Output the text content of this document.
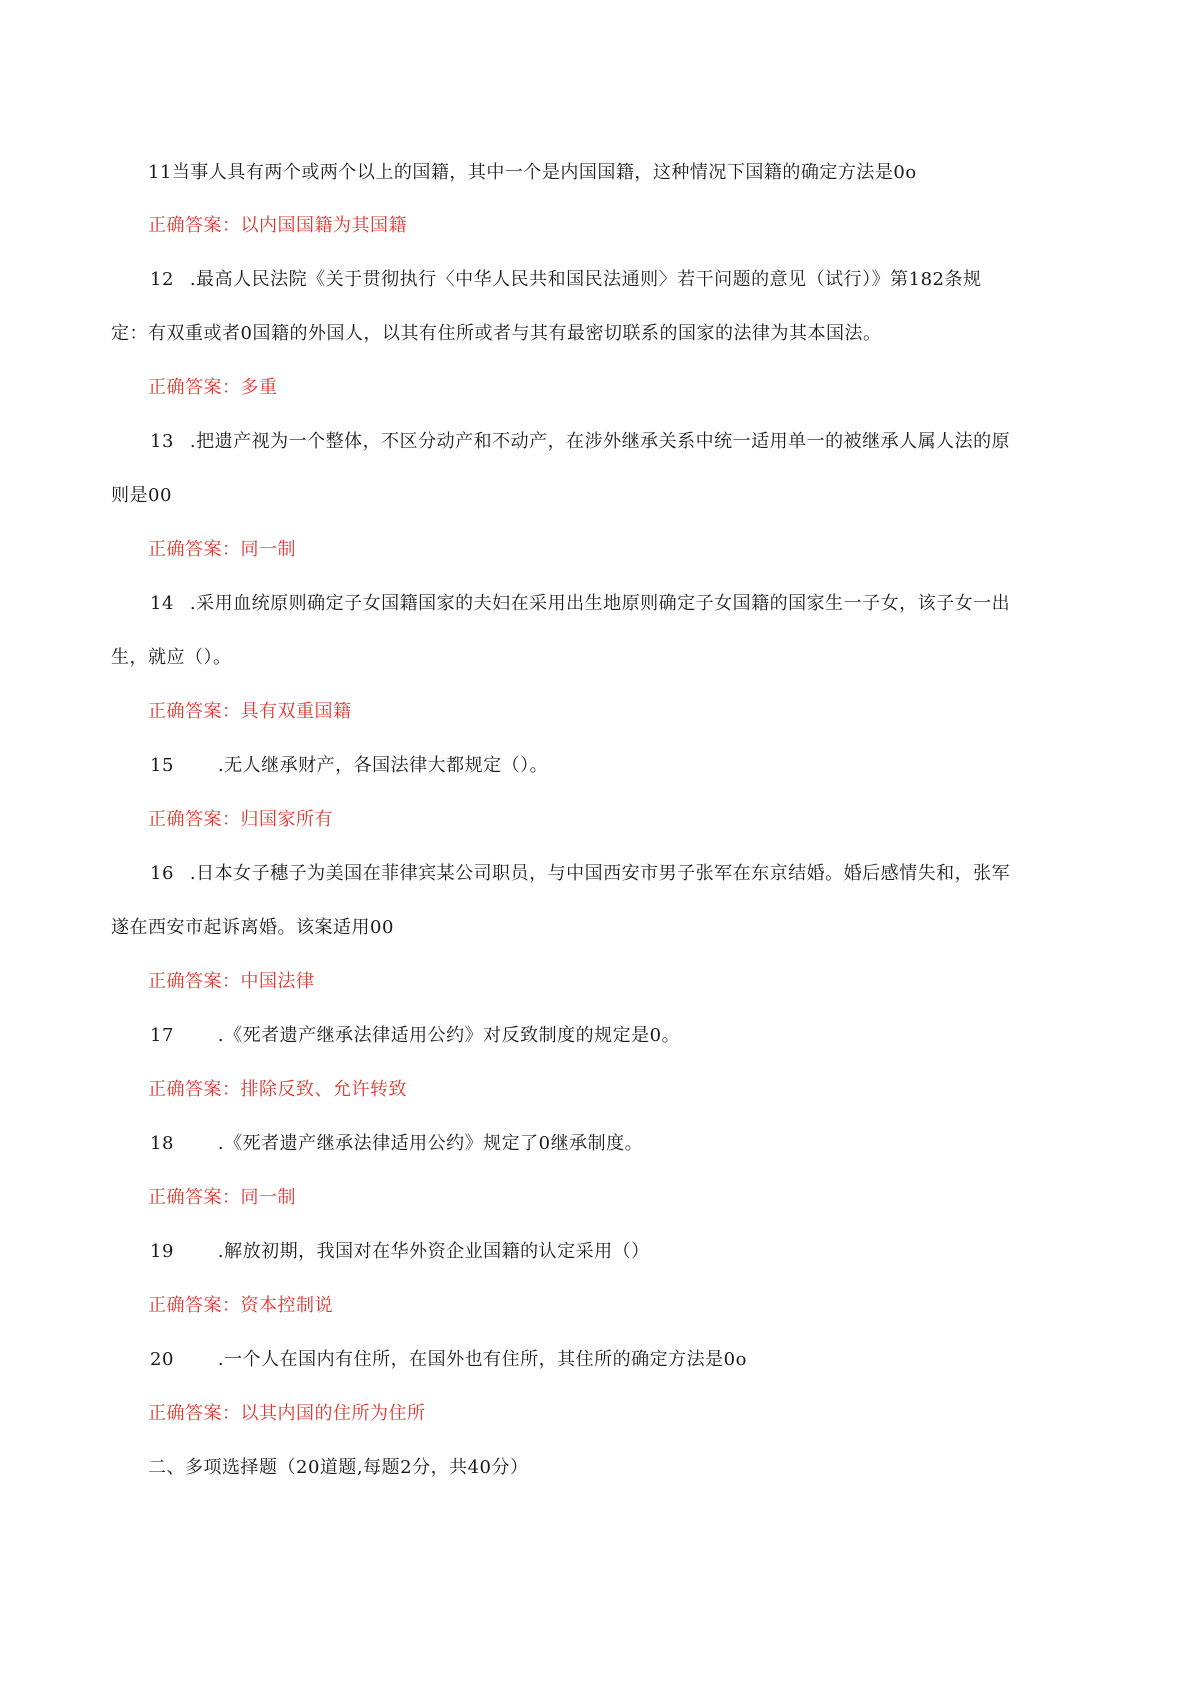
11当事人具有两个或两个以上的国籍，其中一个是内国国籍，这种情况下国籍的确定方法是0o
正确答案：以内国国籍为其国籍
12 .最高人民法院《关于贯彻执行〈中华人民共和国民法通则〉若干问题的意见（试行）》第182条规
定：有双重或者0国籍的外国人，以其有住所或者与其有最密切联系的国家的法律为其本国法。
正确答案：多重
13 .把遗产视为一个整体，不区分动产和不动产，在涉外继承关系中统一适用单一的被继承人属人法的原
则是00
正确答案：同一制
14 .采用血统原则确定子女国籍国家的夫妇在采用出生地原则确定子女国籍的国家生一子女，该子女一出
生，就应（）。
正确答案：具有双重国籍
15 .无人继承财产，各国法律大都规定（）。
正确答案：归国家所有
16 .日本女子穗子为美国在菲律宾某公司职员，与中国西安市男子张军在东京结婚。婚后感情失和，张军
遂在西安市起诉离婚。该案适用00
正确答案：中国法律
17 .《死者遗产继承法律适用公约》对反致制度的规定是0。
正确答案：排除反致、允许转致
18 .《死者遗产继承法律适用公约》规定了0继承制度。
正确答案：同一制
19 .解放初期，我国对在华外资企业国籍的认定采用（）
正确答案：资本控制说
20 .一个人在国内有住所，在国外也有住所，其住所的确定方法是0o
正确答案：以其内国的住所为住所
二、多项选择题（20道题,每题2分，共40分）
